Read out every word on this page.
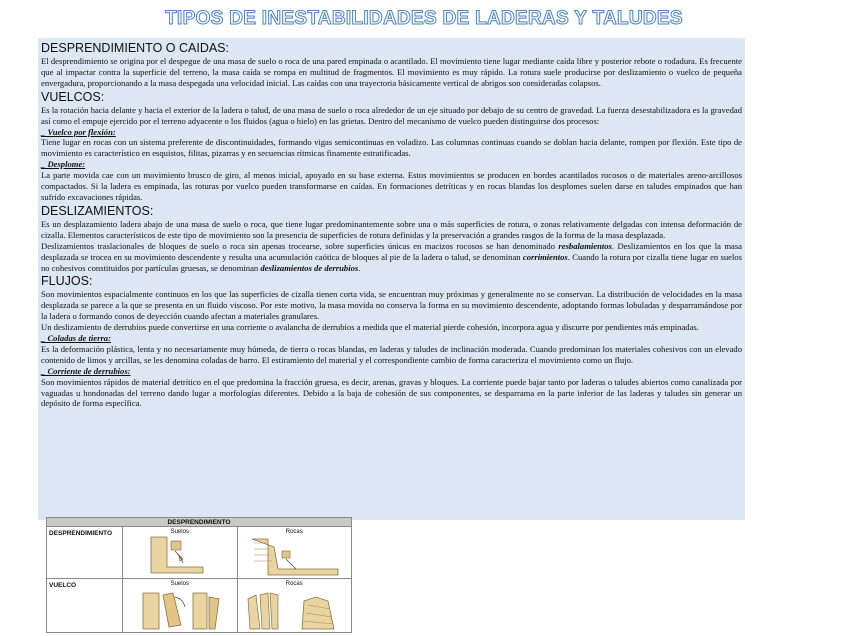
TIPOS DE INESTABILIDADES DE LADERAS Y TALUDES
DESPRENDIMIENTO O CAIDAS:

El desprendimiento se origina por el despegue de una masa de suelo o roca de una pared empinada o acantilado. El movimiento tiene lugar mediante caída libre y posterior rebote o rodadura. Es frecuente que al impactar contra la superficie del terreno, la masa caída se rompa en multitud de fragmentos. El movimiento es muy rápido. La rotura suele producirse por deslizamiento o vuelco de pequeña envergadura, proporcionando a la masa despegada una velocidad inicial. Las caídas con una trayectoria básicamente vertical de abrigos son consideradas colapsos.

VUELCOS:

Es la rotación hacia delante y hacia el exterior de la ladera o talud, de una masa de suelo o roca alrededor de un eje situado por debajo de su centro de gravedad. La fuerza desestabilizadora es la gravedad así como el empuje ejercido por el terreno adyacente o los fluidos (agua o hielo) en las grietas. Dentro del mecanismo de vuelco pueden distinguirse dos procesos:

_ Vuelco por flexión:

Tiene lugar en rocas con un sistema preferente de discontinuidades, formando vigas semicontinuas en voladizo. Las columnas continuas cuando se doblan hacia delante, rompen por flexión. Este tipo de movimiento es característico en esquistos, filitas, pizarras y en secuencias rítmicas finamente estratificadas.

_ Desplome:

La parte movida cae con un movimiento brusco de giro, al menos inicial, apoyado en su base externa. Estos movimientos se producen en bordes acantilados rocosos o de materiales areno-arcillosos compactados. Si la ladera es empinada, las roturas por vuelco pueden transformarse en caídas. En formaciones detríticas y en rocas blandas los desplomes suelen darse en taludes empinados que han sufrido excavaciones rápidas.

DESLIZAMIENTOS:

Es un desplazamiento ladera abajo de una masa de suelo o roca, que tiene lugar predominantemente sobre una o más superficies de rotura, o zonas relativamente delgadas con intensa deformación de cizalla. Elementos característicos de este tipo de movimiento son la presencia de superficies de rotura definidas y la preservación a grandes rasgos de la forma de la masa desplazada.

Deslizamientos traslacionales de bloques de suelo o roca sin apenas trocearse, sobre superficies únicas en macizos rocosos se han denominado resbalamientos. Deslizamientos en los que la masa desplazada se trocea en su movimiento descendente y resulta una acumulación caótica de bloques al pie de la ladera o talud, se denominan corrimientos. Cuando la rotura por cizalla tiene lugar en suelos no cohesivos constituidos por partículas gruesas, se denominan deslizamientos de derrubios.

FLUJOS:

Son movimientos espacialmente continuos en los que las superficies de cizalla tienen corta vida, se encuentran muy próximas y generalmente no se conservan. La distribución de velocidades en la masa desplazada se parece a la que se presenta en un fluido viscoso. Por este motivo, la masa movida no conserva la forma en su movimiento descendente, adoptando formas lobuladas y desparramándose por la ladera o formando conos de deyección cuando afectan a materiales granulares.

Un deslizamiento de derrubios puede convertirse en una corriente o avalancha de derrubios a medida que el material pierde cohesión, incorpora agua y discurre por pendientes más empinadas.

_ Coladas de tierra:

Es la deformación plástica, lenta y no necesariamente muy húmeda, de tierra o rocas blandas, en laderas y taludes de inclinación moderada. Cuando predominan los materiales cohesivos con un elevado contenido de limos y arcillas, se les denomina coladas de barro. El estiramiento del material y el correspondiente cambio de forma caracteriza el movimiento como un flujo.

_ Corriente de derrubios:

Son movimientos rápidos de material detrítico en el que predomina la fracción gruesa, es decir, arenas, gravas y bloques. La corriente puede bajar tanto por laderas o taludes abiertos como canalizada por vaguadas u hondonadas del terreno dando lugar a morfologías diferentes. Debido a la baja de cohesión de sus componentes, se desparrama en la parte inferior de las laderas y taludes sin generar un depósito de forma específica.

DESPRENDIMIENTO
DESPRENDIMIENTO	Suelos	Rocas
VUELCO	Suelos	Rocas
